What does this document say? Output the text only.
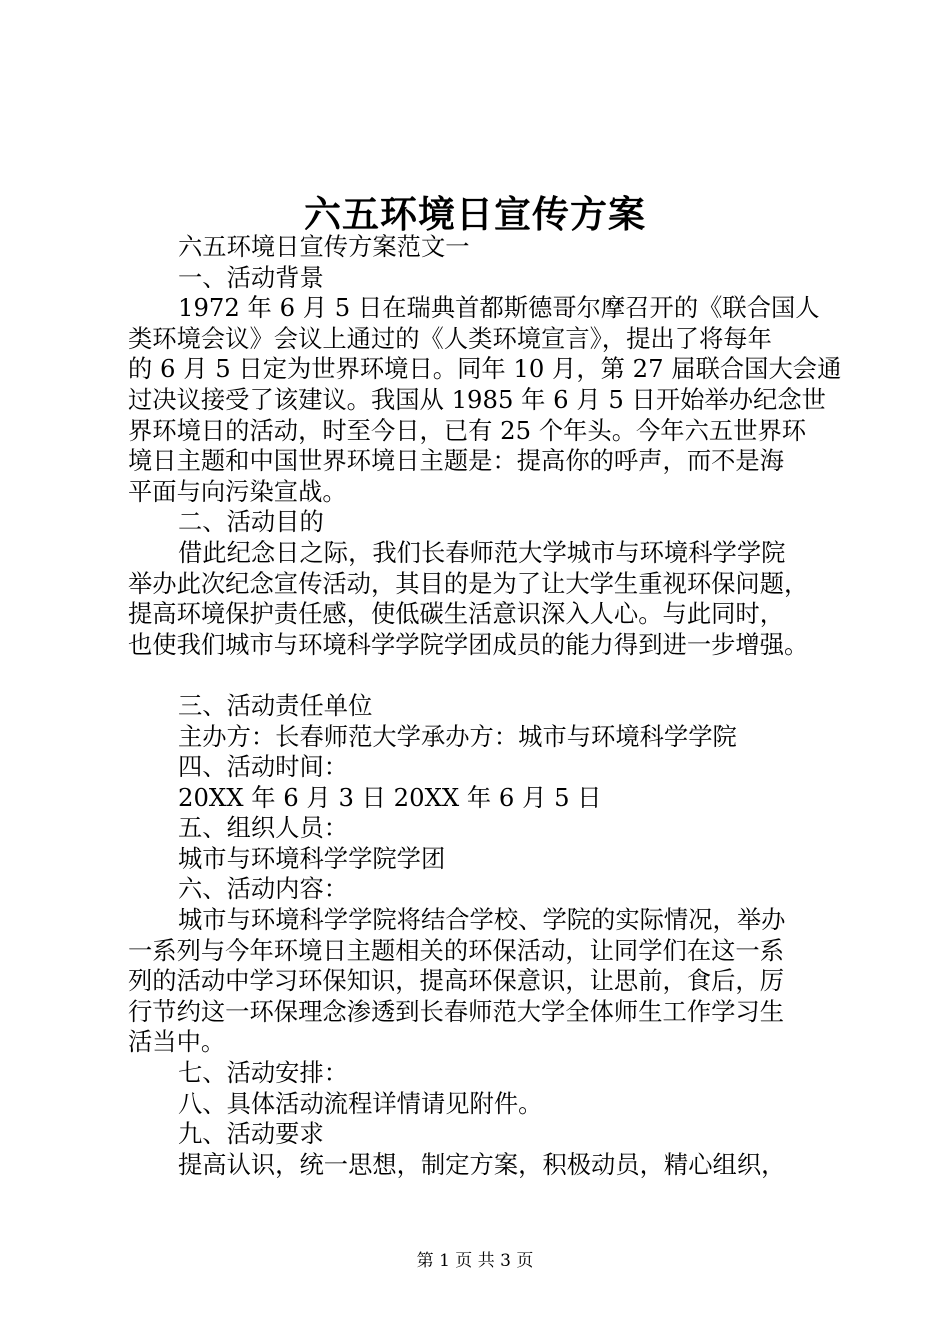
六五环境日宣传方案

六五环境日宣传方案范文一

一、活动背景

1972 年 6 月 5 日在瑞典首都斯德哥尔摩召开的《联合国人

类环境会议》会议上通过的《人类环境宣言》，提出了将每年

的 6 月 5 日定为世界环境日。同年 10 月，第 27 届联合国大会通

过决议接受了该建议。我国从 1985 年 6 月 5 日开始举办纪念世

界环境日的活动，时至今日，已有 25 个年头。今年六五世界环

境日主题和中国世界环境日主题是：提高你的呼声，而不是海

平面与向污染宣战。

二、活动目的

借此纪念日之际，我们长春师范大学城市与环境科学学院

举办此次纪念宣传活动，其目的是为了让大学生重视环保问题，

提高环境保护责任感，使低碳生活意识深入人心。与此同时，

也使我们城市与环境科学学院学团成员的能力得到进一步增强。

三、活动责任单位

主办方：长春师范大学承办方：城市与环境科学学院

四、活动时间：

20XX 年 6 月 3 日 20XX 年 6 月 5 日

五、组织人员：

城市与环境科学学院学团

六、活动内容：

城市与环境科学学院将结合学校、学院的实际情况，举办

一系列与今年环境日主题相关的环保活动，让同学们在这一系

列的活动中学习环保知识，提高环保意识，让思前，食后，厉

行节约这一环保理念渗透到长春师范大学全体师生工作学习生

活当中。

七、活动安排：

八、具体活动流程详情请见附件。

九、活动要求

提高认识，统一思想，制定方案，积极动员，精心组织，

第 1 页 共 3 页
